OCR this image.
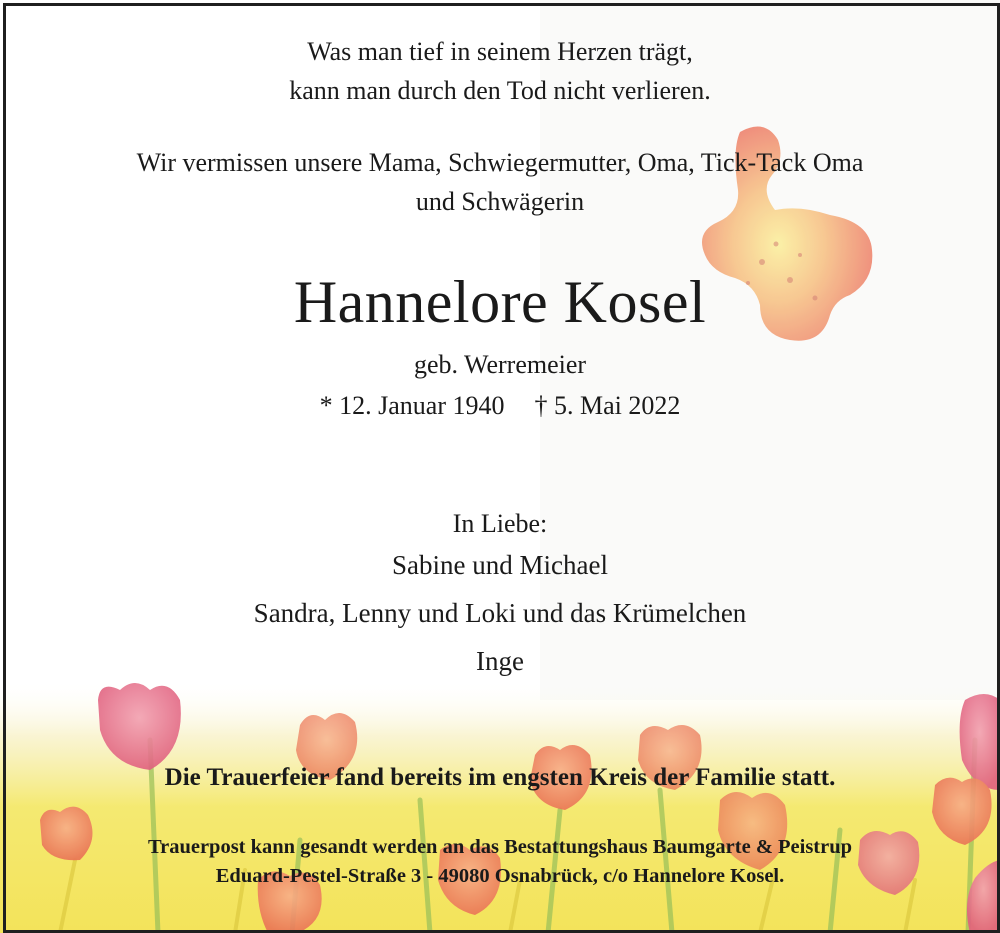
Was man tief in seinem Herzen trägt,
kann man durch den Tod nicht verlieren.
Wir vermissen unsere Mama, Schwiegermutter, Oma, Tick-Tack Oma
und Schwägerin
Hannelore Kosel
geb. Werremeier
* 12. Januar 1940 † 5. Mai 2022
In Liebe:
Sabine und Michael
Sandra, Lenny und Loki und das Krümelchen
Inge
Die Trauerfeier fand bereits im engsten Kreis der Familie statt.
Trauerpost kann gesandt werden an das Bestattungshaus Baumgarte & Peistrup
Eduard-Pestel-Straße 3 - 49080 Osnabrück, c/o Hannelore Kosel.
